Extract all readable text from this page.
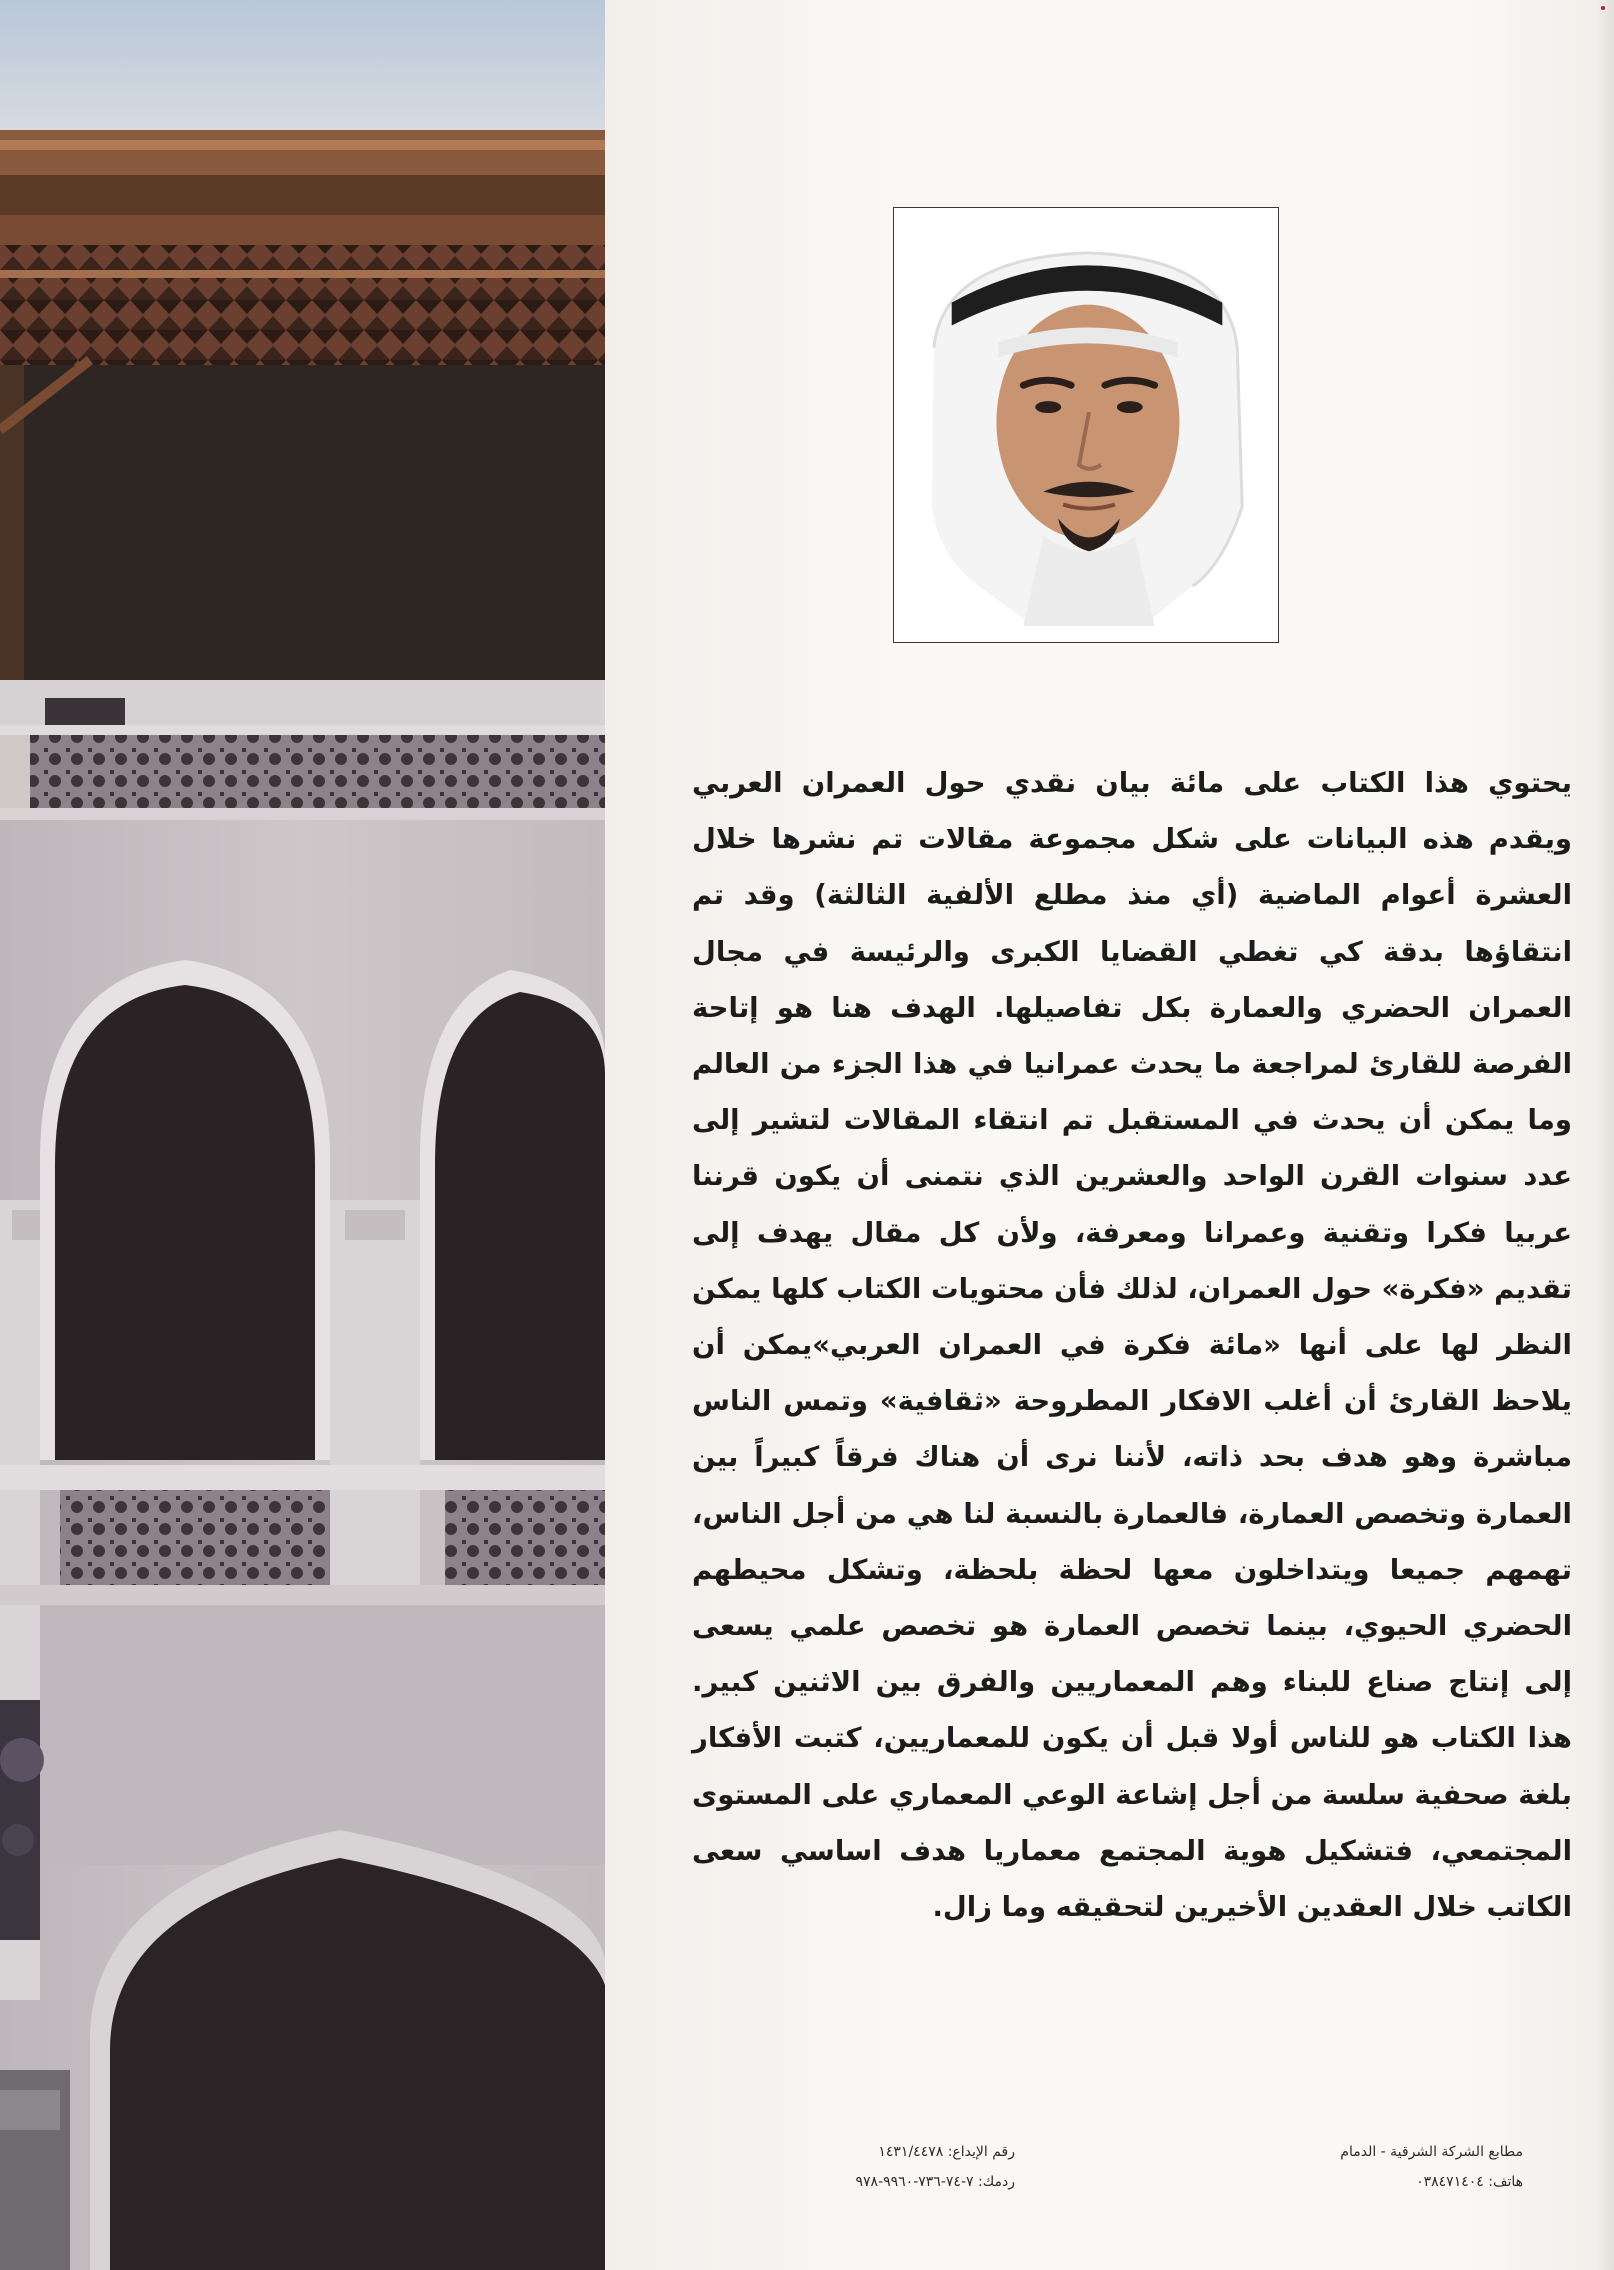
يحتوي هذا الكتاب على مائة بيان نقدي حول العمران العربي ويقدم هذه البيانات على شكل مجموعة مقالات تم نشرها خلال العشرة أعوام الماضية (أي منذ مطلع الألفية الثالثة) وقد تم انتقاؤها بدقة كي تغطي القضايا الكبرى والرئيسة في مجال العمران الحضري والعمارة بكل تفاصيلها. الهدف هنا هو إتاحة الفرصة للقارئ لمراجعة ما يحدث عمرانيا في هذا الجزء من العالم وما يمكن أن يحدث في المستقبل تم انتقاء المقالات لتشير إلى عدد سنوات القرن الواحد والعشرين الذي نتمنى أن يكون قرننا عربيا فكرا وتقنية وعمرانا ومعرفة، ولأن كل مقال يهدف إلى تقديم «فكرة» حول العمران، لذلك فأن محتويات الكتاب كلها يمكن النظر لها على أنها «مائة فكرة في العمران العربي»يمكن أن يلاحظ القارئ أن أغلب الافكار المطروحة «ثقافية» وتمس الناس مباشرة وهو هدف بحد ذاته، لأننا نرى أن هناك فرقاً كبيراً بين العمارة وتخصص العمارة، فالعمارة بالنسبة لنا هي من أجل الناس، تهمهم جميعا ويتداخلون معها لحظة بلحظة، وتشكل محيطهم الحضري الحيوي، بينما تخصص العمارة هو تخصص علمي يسعى إلى إنتاج صناع للبناء وهم المعماريين والفرق بين الاثنين كبير. هذا الكتاب هو للناس أولا قبل أن يكون للمعماريين، كتبت الأفكار بلغة صحفية سلسة من أجل إشاعة الوعي المعماري على المستوى المجتمعي، فتشكيل هوية المجتمع معماريا هدف اساسي سعى الكاتب خلال العقدين الأخيرين لتحقيقه وما زال.

مطابع الشركة الشرقية - الدمام
هاتف: ٠٣٨٤٧١٤٠٤
رقم الإيداع: ١٤٣١/٤٤٧٨
ردمك: ٧-٧٤-٧٣٦-٩٩٦٠-٩٧٨
